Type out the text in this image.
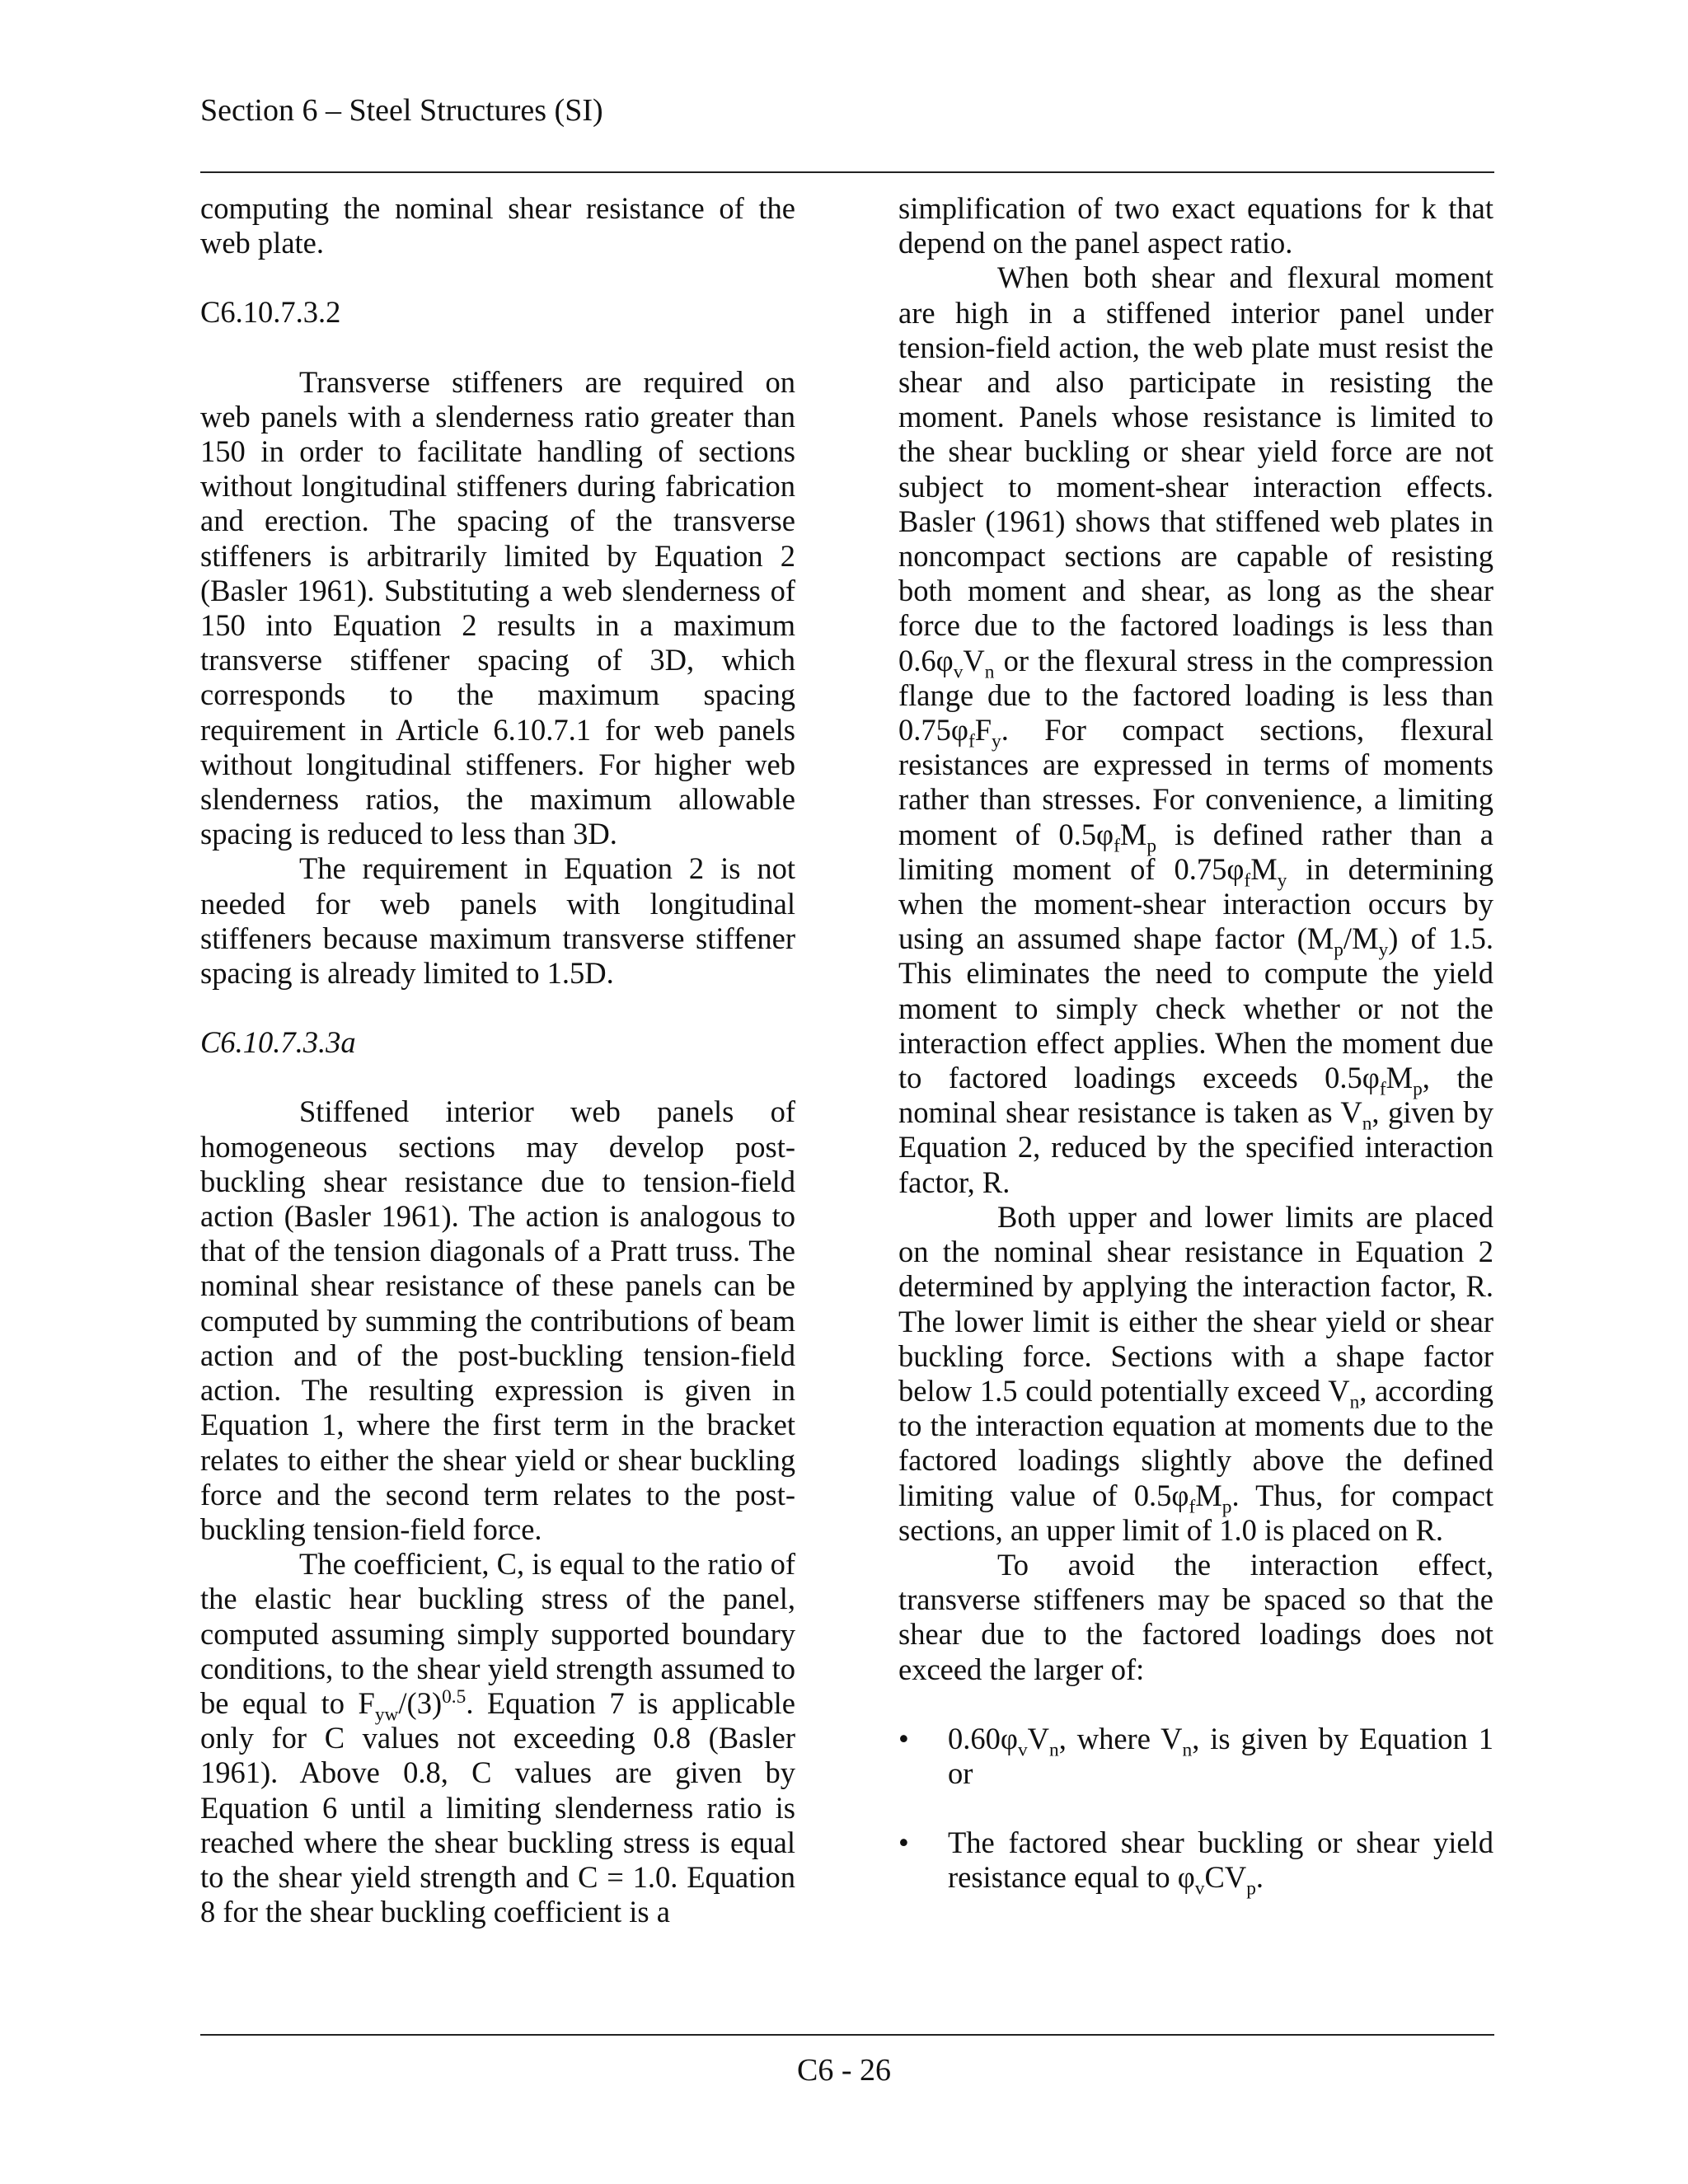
Section 6 – Steel Structures (SI)

computing the nominal shear resistance of the web plate.

C6.10.7.3.2

Transverse stiffeners are required on web panels with a slenderness ratio greater than 150 in order to facilitate handling of sections without longitudinal stiffeners during fabrication and erection. The spacing of the transverse stiffeners is arbitrarily limited by Equation 2 (Basler 1961). Substituting a web slenderness of 150 into Equation 2 results in a maximum transverse stiffener spacing of 3D, which corresponds to the maximum spacing requirement in Article 6.10.7.1 for web panels without longitudinal stiffeners. For higher web slenderness ratios, the maximum allowable spacing is reduced to less than 3D.

The requirement in Equation 2 is not needed for web panels with longitudinal stiffeners because maximum transverse stiffener spacing is already limited to 1.5D.

C6.10.7.3.3a

Stiffened interior web panels of homogeneous sections may develop post-buckling shear resistance due to tension-field action (Basler 1961). The action is analogous to that of the tension diagonals of a Pratt truss. The nominal shear resistance of these panels can be computed by summing the contributions of beam action and of the post-buckling tension-field action. The resulting expression is given in Equation 1, where the first term in the bracket relates to either the shear yield or shear buckling force and the second term relates to the post-buckling tension-field force.

The coefficient, C, is equal to the ratio of the elastic hear buckling stress of the panel, computed assuming simply supported boundary conditions, to the shear yield strength assumed to be equal to $F_{yw}/(3)^{0.5}$. Equation 7 is applicable only for C values not exceeding 0.8 (Basler 1961). Above 0.8, C values are given by Equation 6 until a limiting slenderness ratio is reached where the shear buckling stress is equal to the shear yield strength and C = 1.0. Equation 8 for the shear buckling coefficient is a

simplification of two exact equations for k that depend on the panel aspect ratio.

When both shear and flexural moment are high in a stiffened interior panel under tension-field action, the web plate must resist the shear and also participate in resisting the moment. Panels whose resistance is limited to the shear buckling or shear yield force are not subject to moment-shear interaction effects. Basler (1961) shows that stiffened web plates in noncompact sections are capable of resisting both moment and shear, as long as the shear force due to the factored loadings is less than $0.6\varphi_vV_n$ or the flexural stress in the compression flange due to the factored loading is less than $0.75\varphi_fF_y$. For compact sections, flexural resistances are expressed in terms of moments rather than stresses. For convenience, a limiting moment of $0.5\varphi_fM_p$ is defined rather than a limiting moment of $0.75\varphi_fM_y$ in determining when the moment-shear interaction occurs by using an assumed shape factor $(M_p/M_y)$ of 1.5. This eliminates the need to compute the yield moment to simply check whether or not the interaction effect applies. When the moment due to factored loadings exceeds $0.5\varphi_fM_p$, the nominal shear resistance is taken as $V_n$, given by Equation 2, reduced by the specified interaction factor, R.

Both upper and lower limits are placed on the nominal shear resistance in Equation 2 determined by applying the interaction factor, R. The lower limit is either the shear yield or shear buckling force. Sections with a shape factor below 1.5 could potentially exceed $V_n$, according to the interaction equation at moments due to the factored loadings slightly above the defined limiting value of $0.5\varphi_fM_p$. Thus, for compact sections, an upper limit of 1.0 is placed on R.

To avoid the interaction effect, transverse stiffeners may be spaced so that the shear due to the factored loadings does not exceed the larger of:

• $0.60\varphi_vV_n$, where $V_n$, is given by Equation 1 or
• The factored shear buckling or shear yield resistance equal to $\varphi_vCV_p$.
C6 - 26
